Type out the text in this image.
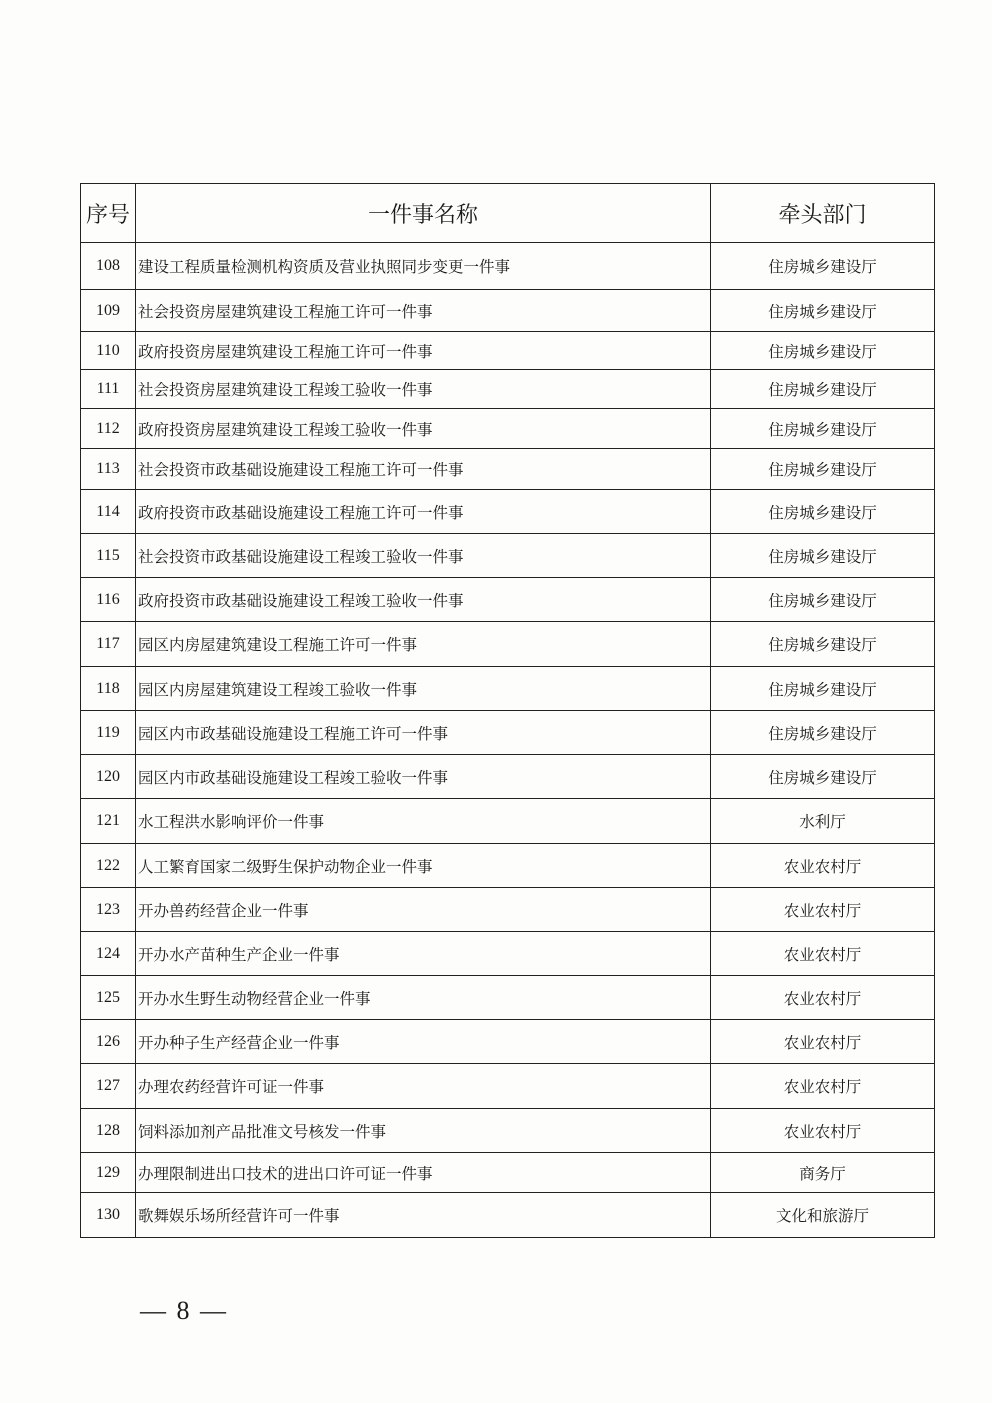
序号	一件事名称	牵头部门
108	建设工程质量检测机构资质及营业执照同步变更一件事	住房城乡建设厅
109	社会投资房屋建筑建设工程施工许可一件事	住房城乡建设厅
110	政府投资房屋建筑建设工程施工许可一件事	住房城乡建设厅
111	社会投资房屋建筑建设工程竣工验收一件事	住房城乡建设厅
112	政府投资房屋建筑建设工程竣工验收一件事	住房城乡建设厅
113	社会投资市政基础设施建设工程施工许可一件事	住房城乡建设厅
114	政府投资市政基础设施建设工程施工许可一件事	住房城乡建设厅
115	社会投资市政基础设施建设工程竣工验收一件事	住房城乡建设厅
116	政府投资市政基础设施建设工程竣工验收一件事	住房城乡建设厅
117	园区内房屋建筑建设工程施工许可一件事	住房城乡建设厅
118	园区内房屋建筑建设工程竣工验收一件事	住房城乡建设厅
119	园区内市政基础设施建设工程施工许可一件事	住房城乡建设厅
120	园区内市政基础设施建设工程竣工验收一件事	住房城乡建设厅
121	水工程洪水影响评价一件事	水利厅
122	人工繁育国家二级野生保护动物企业一件事	农业农村厅
123	开办兽药经营企业一件事	农业农村厅
124	开办水产苗种生产企业一件事	农业农村厅
125	开办水生野生动物经营企业一件事	农业农村厅
126	开办种子生产经营企业一件事	农业农村厅
127	办理农药经营许可证一件事	农业农村厅
128	饲料添加剂产品批准文号核发一件事	农业农村厅
129	办理限制进出口技术的进出口许可证一件事	商务厅
130	歌舞娱乐场所经营许可一件事	文化和旅游厅
— 8 —
